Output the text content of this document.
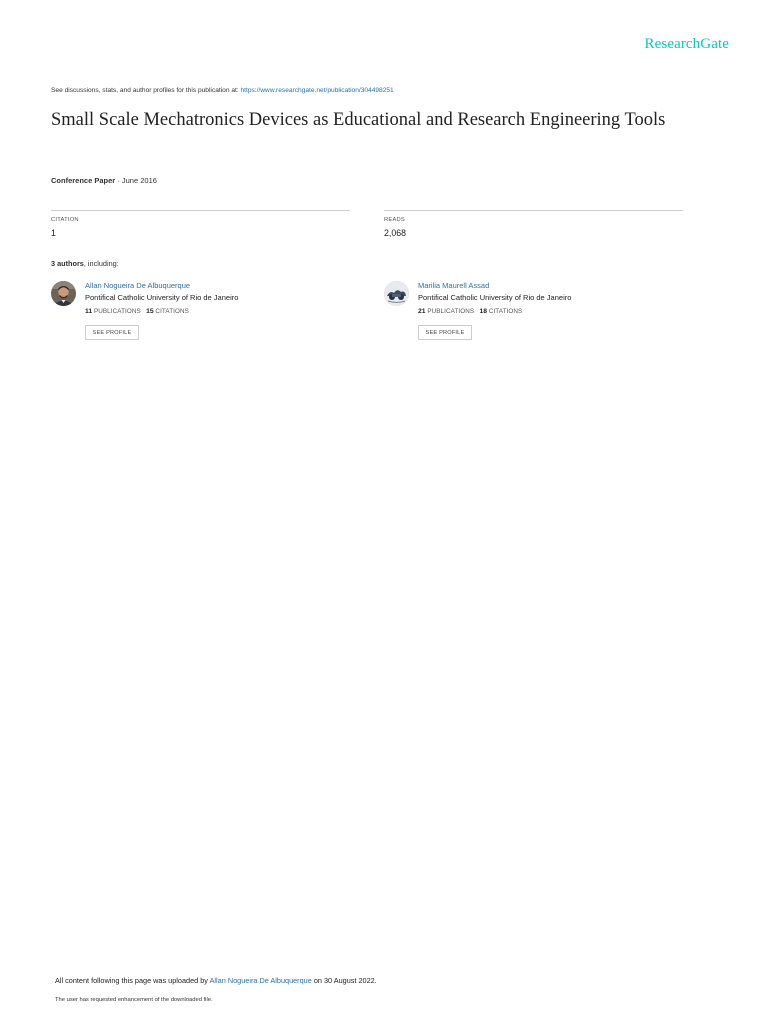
ResearchGate
See discussions, stats, and author profiles for this publication at: https://www.researchgate.net/publication/304498251
Small Scale Mechatronics Devices as Educational and Research Engineering Tools
Conference Paper · June 2016
CITATION
1
READS
2,068
3 authors, including:
Allan Nogueira De Albuquerque
Pontifical Catholic University of Rio de Janeiro
11 PUBLICATIONS 15 CITATIONS
SEE PROFILE
Marilia Maurell Assad
Pontifical Catholic University of Rio de Janeiro
21 PUBLICATIONS 18 CITATIONS
SEE PROFILE
All content following this page was uploaded by Allan Nogueira De Albuquerque on 30 August 2022.
The user has requested enhancement of the downloaded file.
